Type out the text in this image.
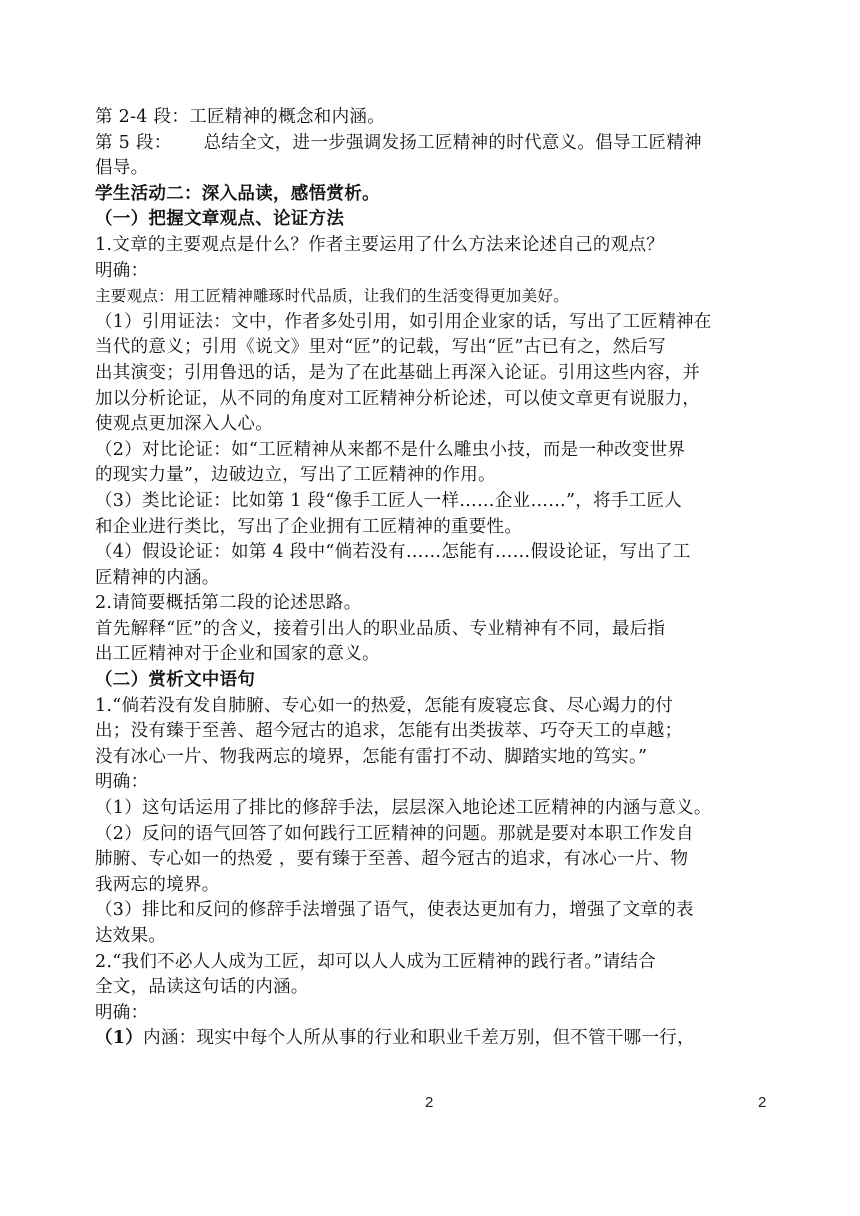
第 2-4 段：工匠精神的概念和内涵。
第 5 段： 总结全文，进一步强调发扬工匠精神的时代意义。倡导工匠精神
倡导。
学生活动二：深入品读，感悟赏析。
（一）把握文章观点、论证方法
1.文章的主要观点是什么？作者主要运用了什么方法来论述自己的观点？
明确：
主要观点：用工匠精神雕琢时代品质，让我们的生活变得更加美好。
（1）引用证法：文中，作者多处引用，如引用企业家的话，写出了工匠精神在
当代的意义；引用《说文》里对“匠”的记载，写出“匠”古已有之，然后写
出其演变；引用鲁迅的话，是为了在此基础上再深入论证。引用这些内容，并
加以分析论证，从不同的角度对工匠精神分析论述，可以使文章更有说服力，
使观点更加深入人心。
（2）对比论证：如“工匠精神从来都不是什么雕虫小技，而是一种改变世界
的现实力量”，边破边立，写出了工匠精神的作用。
（3）类比论证：比如第 1 段“像手工匠人一样……企业……”，将手工匠人
和企业进行类比，写出了企业拥有工匠精神的重要性。
（4）假设论证：如第 4 段中“倘若没有……怎能有……假设论证，写出了工
匠精神的内涵。
2.请简要概括第二段的论述思路。
首先解释“匠”的含义，接着引出人的职业品质、专业精神有不同，最后指
出工匠精神对于企业和国家的意义。
（二）赏析文中语句
1.“倘若没有发自肺腑、专心如一的热爱，怎能有废寝忘食、尽心竭力的付
出；没有臻于至善、超今冠古的追求，怎能有出类拔萃、巧夺天工的卓越；
没有冰心一片、物我两忘的境界，怎能有雷打不动、脚踏实地的笃实。”
明确：
（1）这句话运用了排比的修辞手法，层层深入地论述工匠精神的内涵与意义。
（2）反问的语气回答了如何践行工匠精神的问题。那就是要对本职工作发自
肺腑、专心如一的热爱 ，要有臻于至善、超今冠古的追求，有冰心一片、物
我两忘的境界。
（3）排比和反问的修辞手法增强了语气，使表达更加有力，增强了文章的表
达效果。
2.“我们不必人人成为工匠，却可以人人成为工匠精神的践行者。”请结合
全文，品读这句话的内涵。
明确：
（1）内涵：现实中每个人所从事的行业和职业千差万别，但不管干哪一行，
2	2
